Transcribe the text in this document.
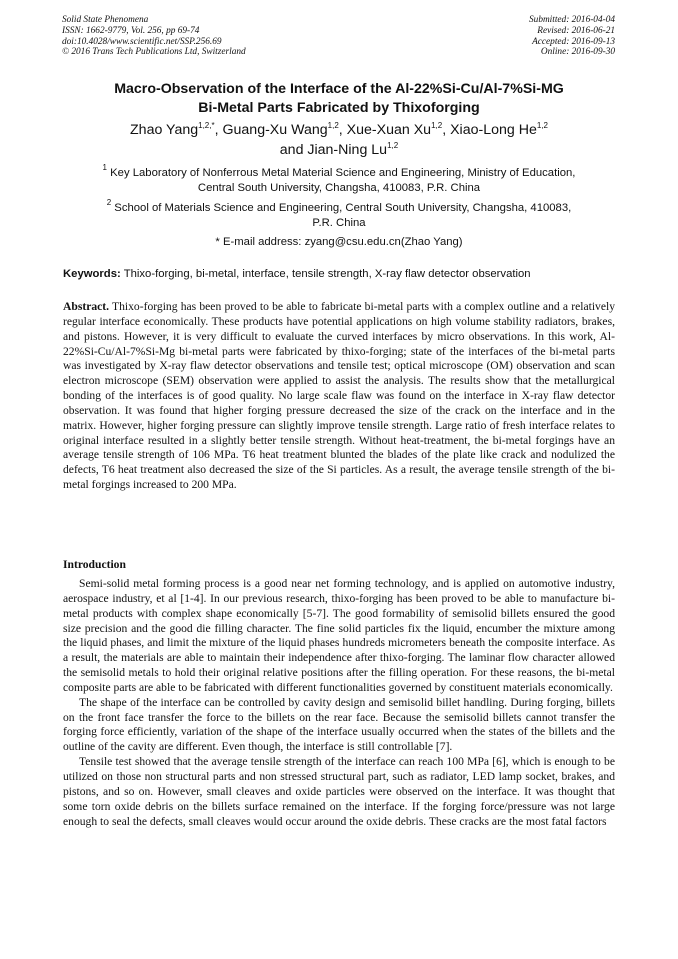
Solid State Phenomena
ISSN: 1662-9779, Vol. 256, pp 69-74
doi:10.4028/www.scientific.net/SSP.256.69
© 2016 Trans Tech Publications Ltd, Switzerland
Submitted: 2016-04-04
Revised: 2016-06-21
Accepted: 2016-09-13
Online: 2016-09-30
Macro-Observation of the Interface of the Al-22%Si-Cu/Al-7%Si-MG
Bi-Metal Parts Fabricated by Thixoforging
Zhao Yang$^{1,2,*}$, Guang-Xu Wang$^{1,2}$, Xue-Xuan Xu$^{1,2}$, Xiao-Long He$^{1,2}$
and Jian-Ning Lu$^{1,2}$
$^1$ Key Laboratory of Nonferrous Metal Material Science and Engineering, Ministry of Education,
Central South University, Changsha, 410083, P.R. China
$^2$ School of Materials Science and Engineering, Central South University, Changsha, 410083,
P.R. China
* E-mail address: zyang@csu.edu.cn(Zhao Yang)
Keywords: Thixo-forging, bi-metal, interface, tensile strength, X-ray flaw detector observation

Abstract. Thixo-forging has been proved to be able to fabricate bi-metal parts with a complex outline and a relatively regular interface economically. These products have potential applications on high volume stability radiators, brakes, and pistons. However, it is very difficult to evaluate the curved interfaces by micro observations. In this work, Al-22%Si-Cu/Al-7%Si-Mg bi-metal parts were fabricated by thixo-forging; state of the interfaces of the bi-metal parts was investigated by X-ray flaw detector observations and tensile test; optical microscope (OM) observation and scan electron microscope (SEM) observation were applied to assist the analysis. The results show that the metallurgical bonding of the interfaces is of good quality. No large scale flaw was found on the interface in X-ray flaw detector observation. It was found that higher forging pressure decreased the size of the crack on the interface and in the matrix. However, higher forging pressure can slightly improve tensile strength. Large ratio of fresh interface relates to original interface resulted in a slightly better tensile strength. Without heat-treatment, the bi-metal forgings have an average tensile strength of 106 MPa. T6 heat treatment blunted the blades of the plate like crack and nodulized the defects, T6 heat treatment also decreased the size of the Si particles. As a result, the average tensile strength of the bi-metal forgings increased to 200 MPa.

Introduction

Semi-solid metal forming process is a good near net forming technology, and is applied on automotive industry, aerospace industry, et al [1-4]. In our previous research, thixo-forging has been proved to be able to manufacture bi-metal products with complex shape economically [5-7]. The good formability of semisolid billets ensured the good size precision and the good die filling character. The fine solid particles fix the liquid, encumber the mixture among the liquid phases, and limit the mixture of the liquid phases hundreds micrometers beneath the composite interface. As a result, the materials are able to maintain their independence after thixo-forging. The laminar flow character allowed the semisolid metals to hold their original relative positions after the filling operation. For these reasons, the bi-metal composite parts are able to be fabricated with different functionalities governed by constituent materials economically.

The shape of the interface can be controlled by cavity design and semisolid billet handling. During forging, billets on the front face transfer the force to the billets on the rear face. Because the semisolid billets cannot transfer the forging force efficiently, variation of the shape of the interface usually occurred when the states of the billets and the outline of the cavity are different. Even though, the interface is still controllable [7].

Tensile test showed that the average tensile strength of the interface can reach 100 MPa [6], which is enough to be utilized on those non structural parts and non stressed structural part, such as radiator, LED lamp socket, brakes, and pistons, and so on. However, small cleaves and oxide particles were observed on the interface. It was thought that some torn oxide debris on the billets surface remained on the interface. If the forging force/pressure was not large enough to seal the defects, small cleaves would occur around the oxide debris. These cracks are the most fatal factors
